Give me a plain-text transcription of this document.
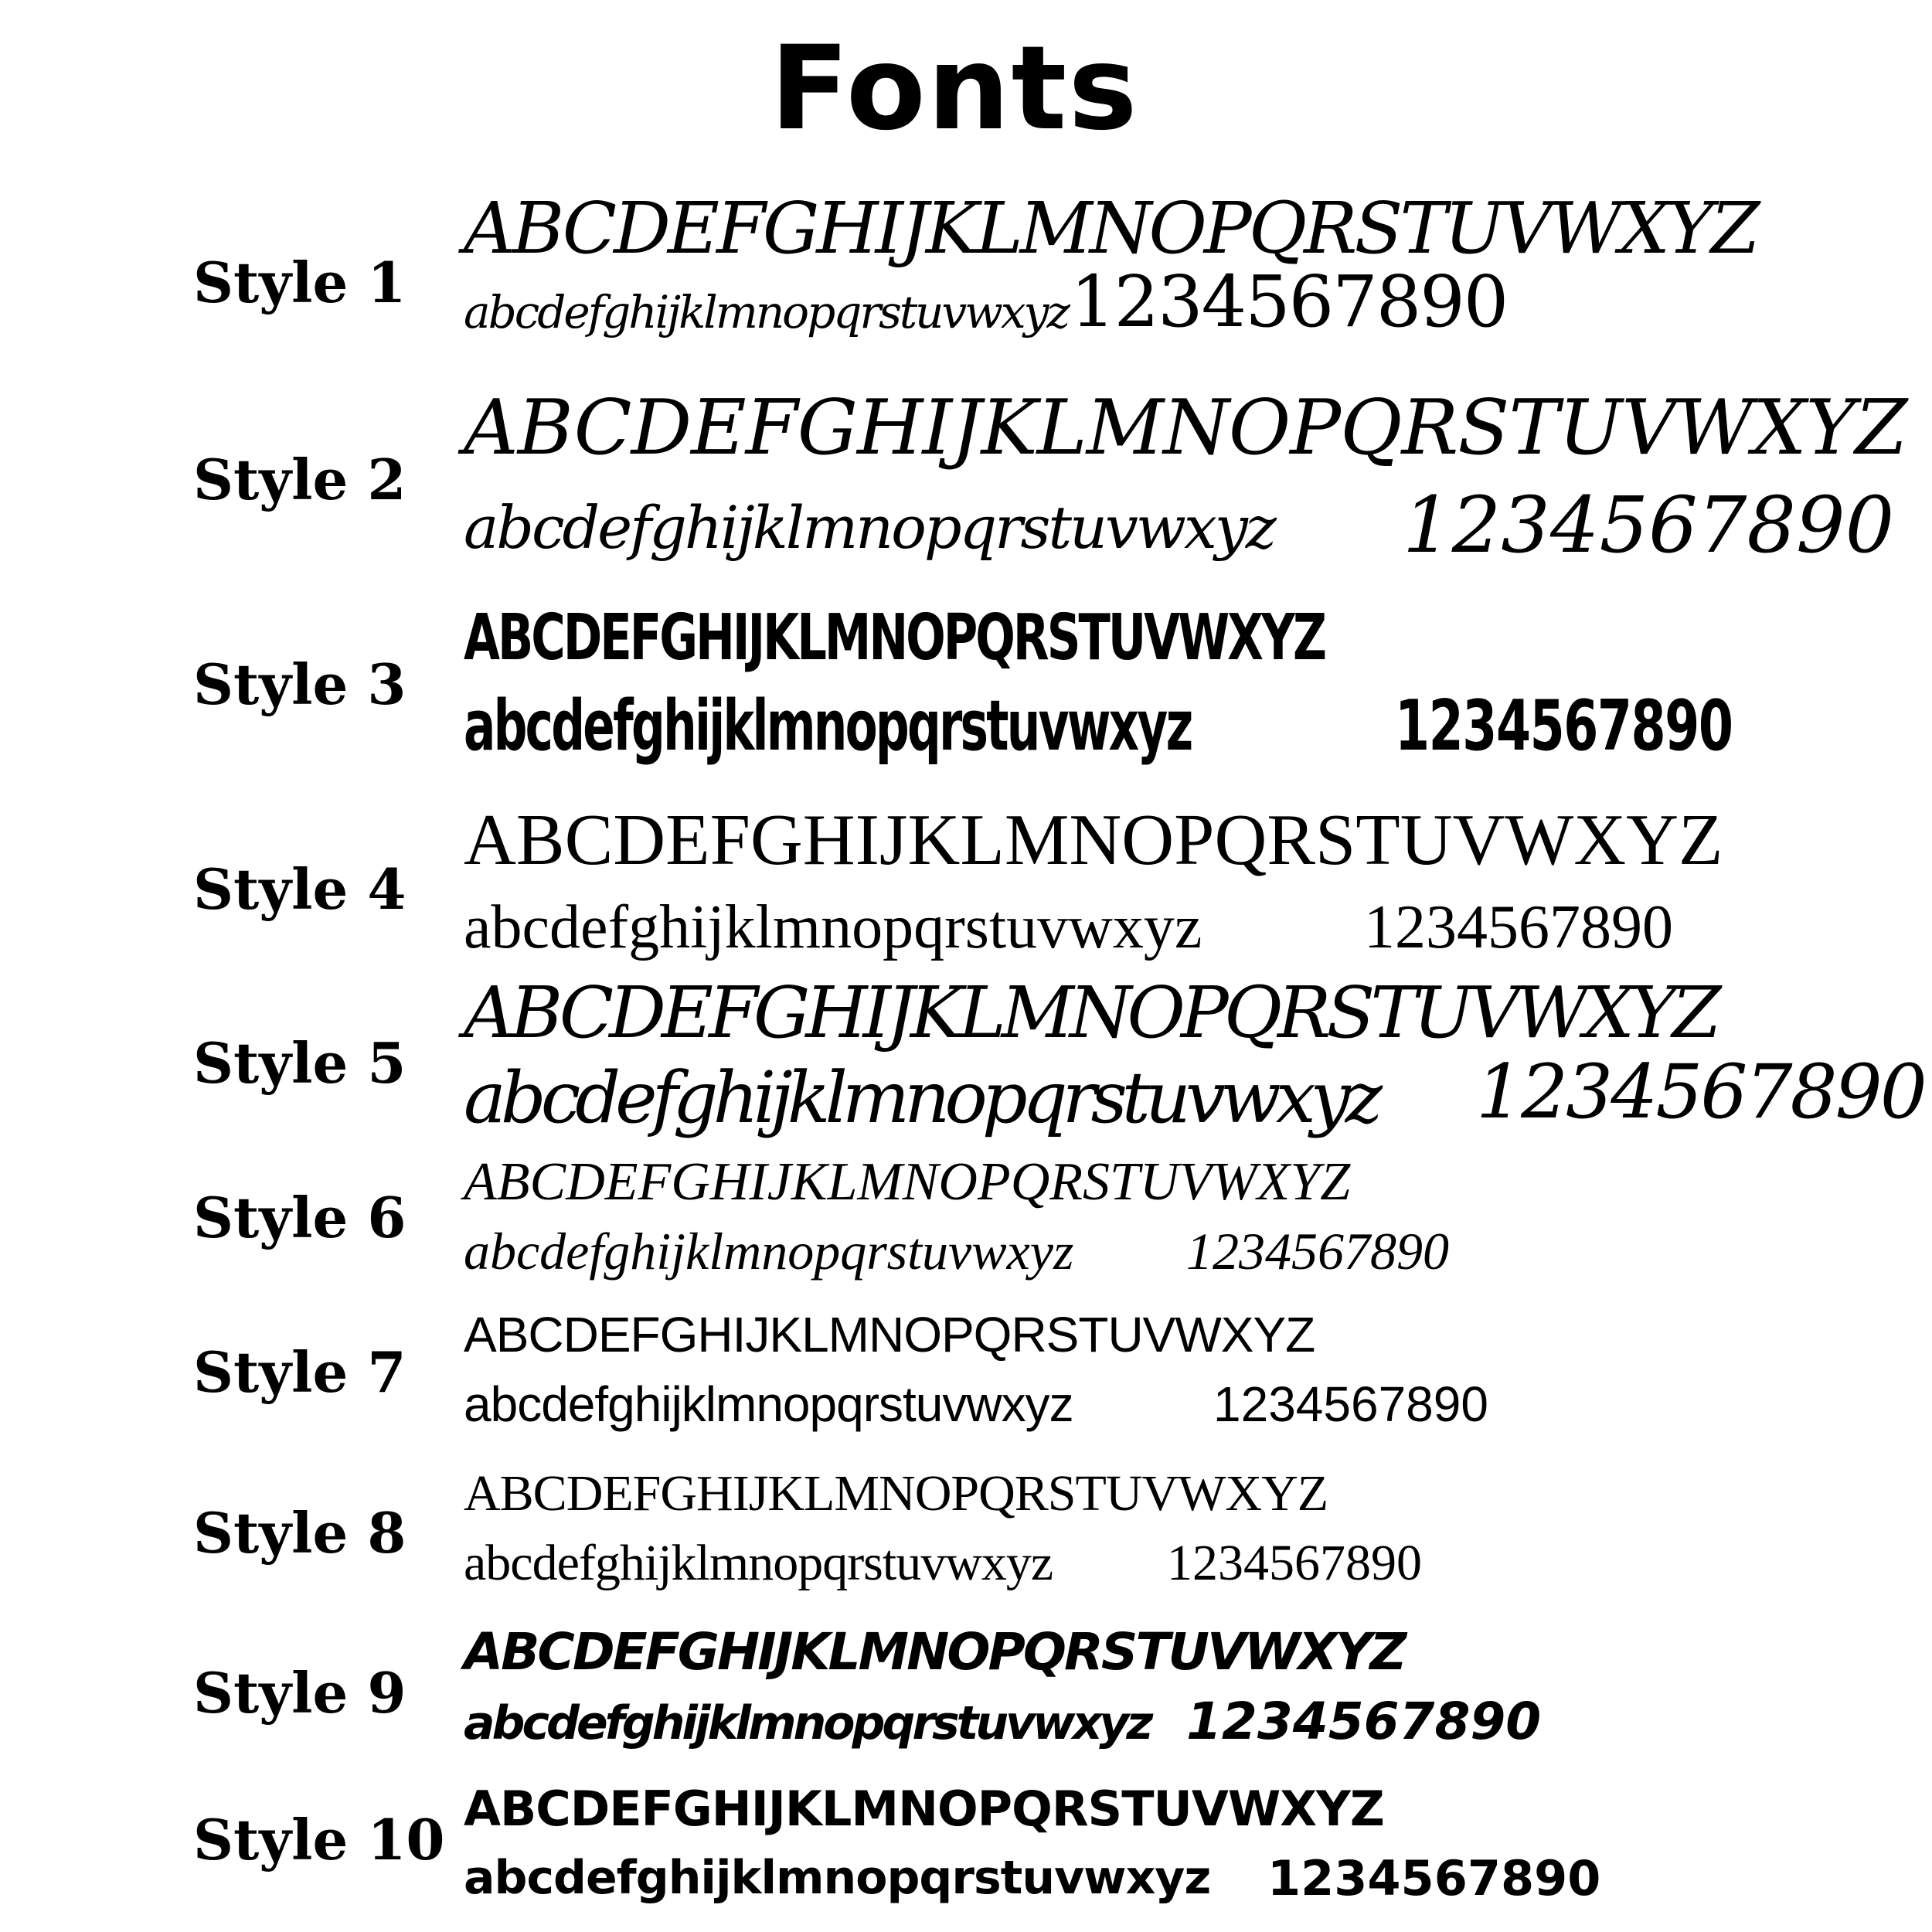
Fonts
Style 1
ABCDEFGHIJKLMNOPQRSTUVWXYZ
abcdefghijklmnopqrstuvwxyz 1234567890
Style 2
ABCDEFGHIJKLMNOPQRSTUVWXYZ
abcdefghijklmnopqrstuvwxyz 1234567890
Style 3
ABCDEFGHIJKLMNOPQRSTUVWXYZ
abcdefghijklmnopqrstuvwxyz	1234567890
Style 4
ABCDEFGHIJKLMNOPQRSTUVWXYZ
abcdefghijklmnopqrstuvwxyz	1234567890
Style 5
ABCDEFGHIJKLMNOPQRSTUVWXYZ
abcdefghijklmnopqrstuvwxyz 1234567890
Style 6
ABCDEFGHIJKLMNOPQRSTUVWXYZ
abcdefghijklmnopqrstuvwxyz 1234567890
Style 7
ABCDEFGHIJKLMNOPQRSTUVWXYZ
abcdefghijklmnopqrstuvwxyz	1234567890
Style 8
ABCDEFGHIJKLMNOPQRSTUVWXYZ
abcdefghijklmnopqrstuvwxyz 1234567890
Style 9
ABCDEFGHIJKLMNOPQRSTUVWXYZ
abcdefghijklmnopqrstuvwxyz 1234567890
Style 10 ABCDEFGHIJKLMNOPQRSTUVWXYZ
abcdefghijklmnopqrstuvwxyz 1234567890
